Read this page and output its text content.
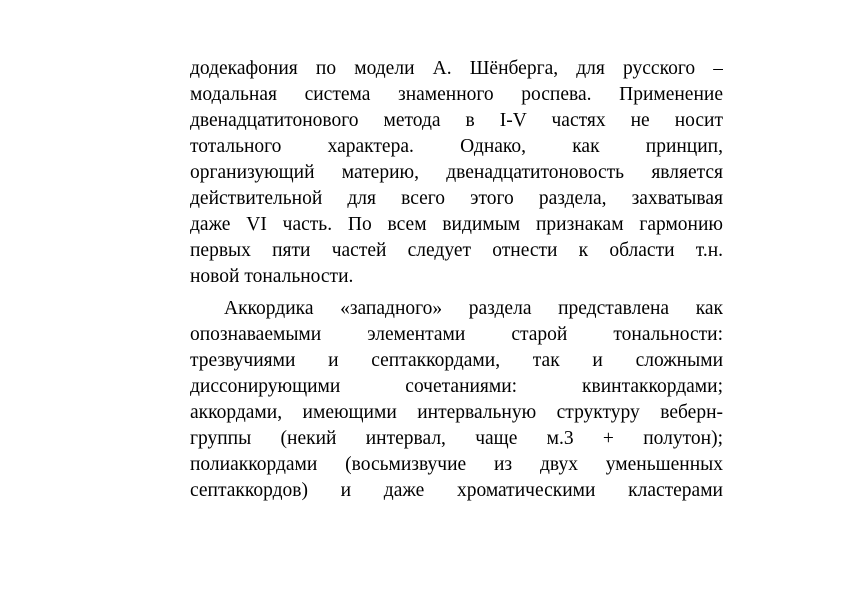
додекафония по модели А. Шёнберга, для русского –
модальная система знаменного роспева. Применение
двенадцатитонового метода в I-V частях не носит
тотального характера. Однако, как принцип,
организующий материю, двенадцатитоновость является
действительной для всего этого раздела, захватывая
даже VI часть. По всем видимым признакам гармонию
первых пяти частей следует отнести к области т.н.
новой тональности.
Аккордика «западного» раздела представлена как
опознаваемыми элементами старой тональности:
трезвучиями и септаккордами, так и сложными
диссонирующими сочетаниями: квинтаккордами;
аккордами, имеющими интервальную структуру веберн-
группы (некий интервал, чаще м.3 + полутон);
полиаккордами (восьмизвучие из двух уменьшенных
септаккордов) и даже хроматическими кластерами
